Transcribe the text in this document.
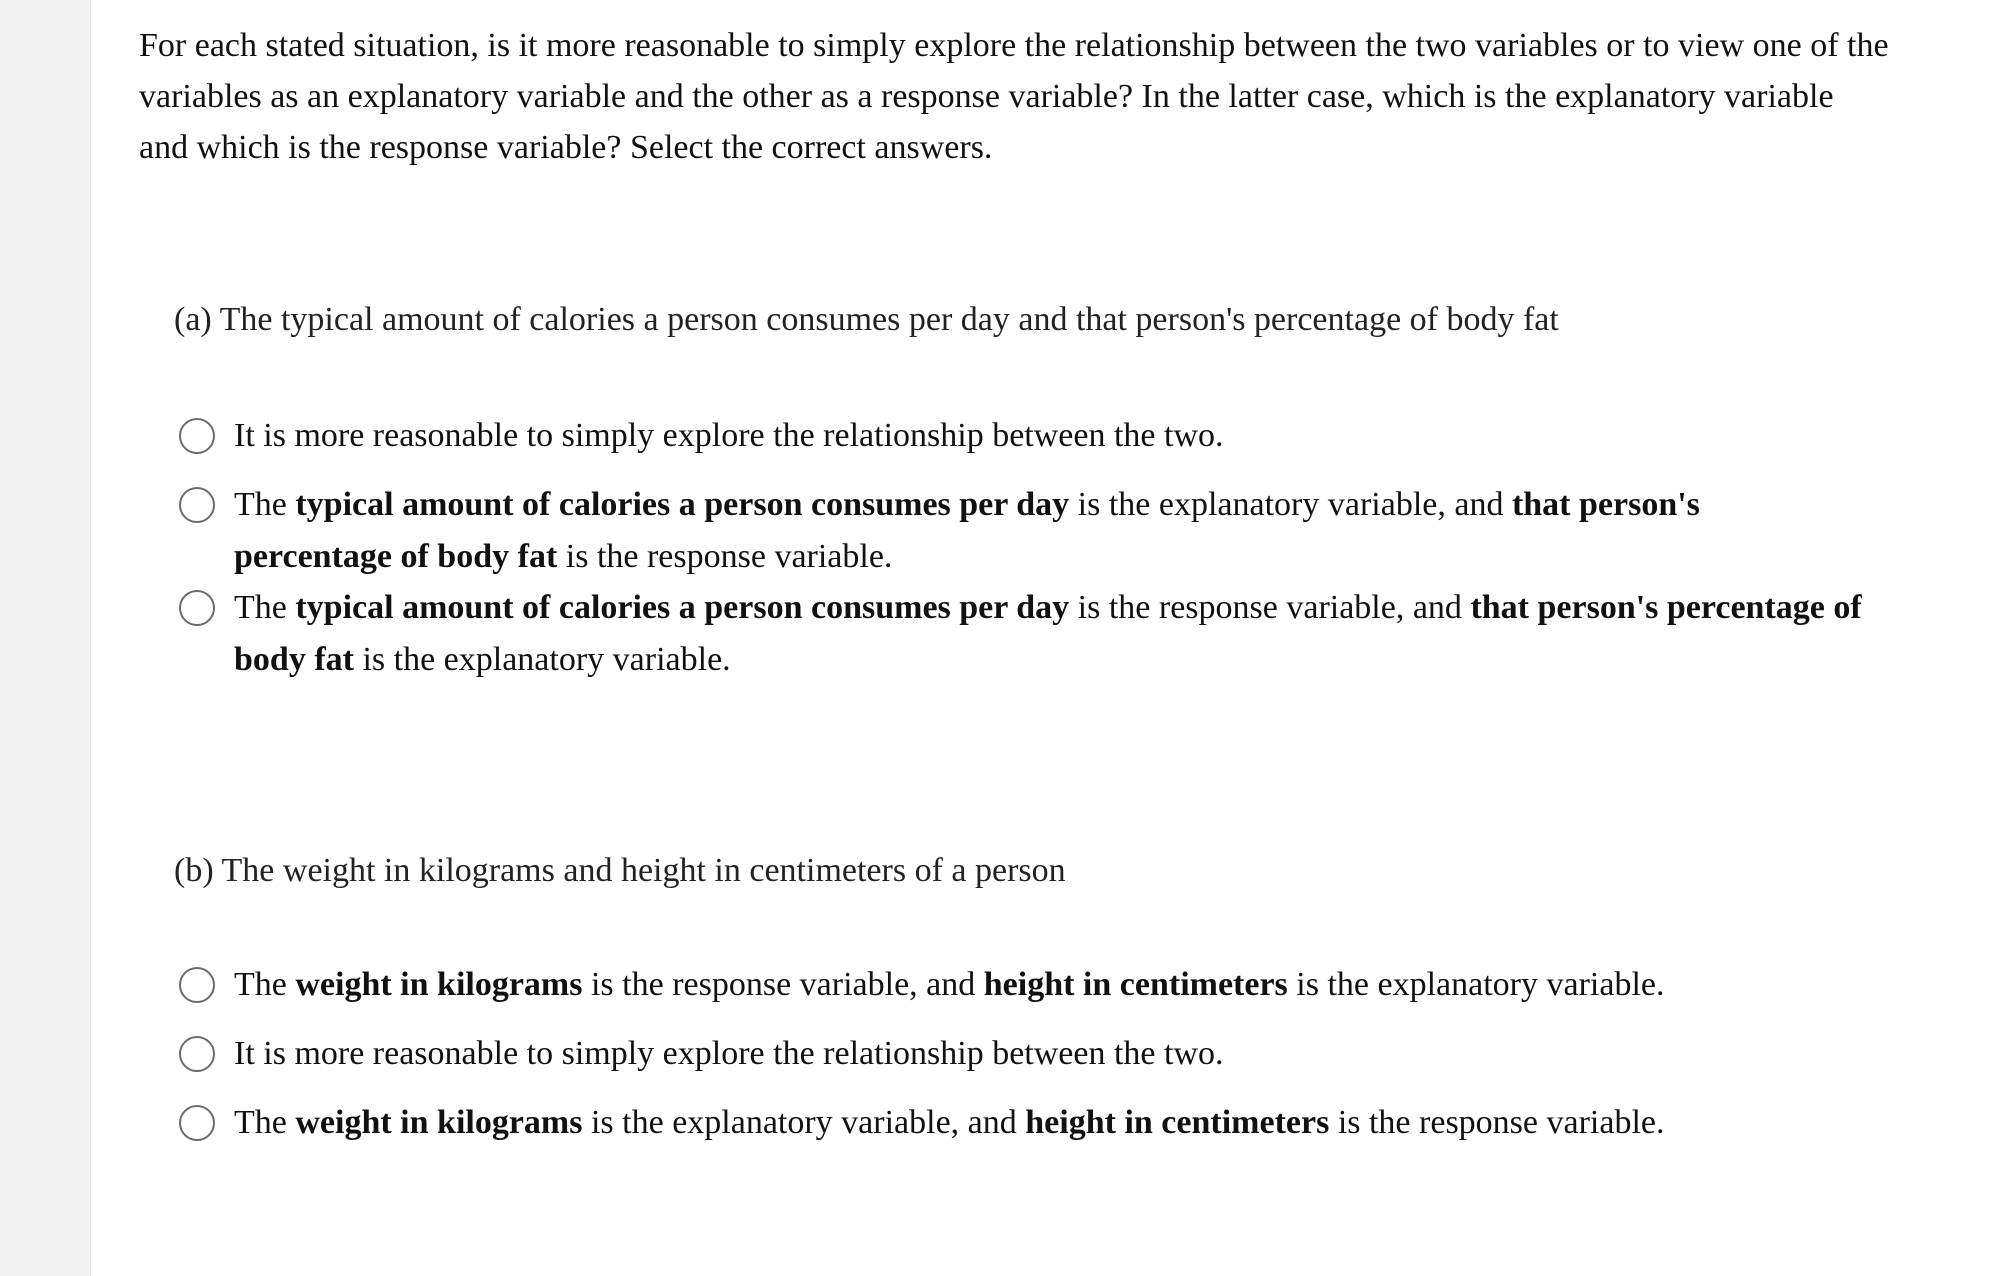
For each stated situation, is it more reasonable to simply explore the relationship between the two variables or to view one of the
variables as an explanatory variable and the other as a response variable? In the latter case, which is the explanatory variable
and which is the response variable? Select the correct answers.

(a) The typical amount of calories a person consumes per day and that person's percentage of body fat

It is more reasonable to simply explore the relationship between the two.
The typical amount of calories a person consumes per day is the explanatory variable, and that person's
percentage of body fat is the response variable.
The typical amount of calories a person consumes per day is the response variable, and that person's percentage of
body fat is the explanatory variable.

(b) The weight in kilograms and height in centimeters of a person

The weight in kilograms is the response variable, and height in centimeters is the explanatory variable.
It is more reasonable to simply explore the relationship between the two.
The weight in kilograms is the explanatory variable, and height in centimeters is the response variable.
